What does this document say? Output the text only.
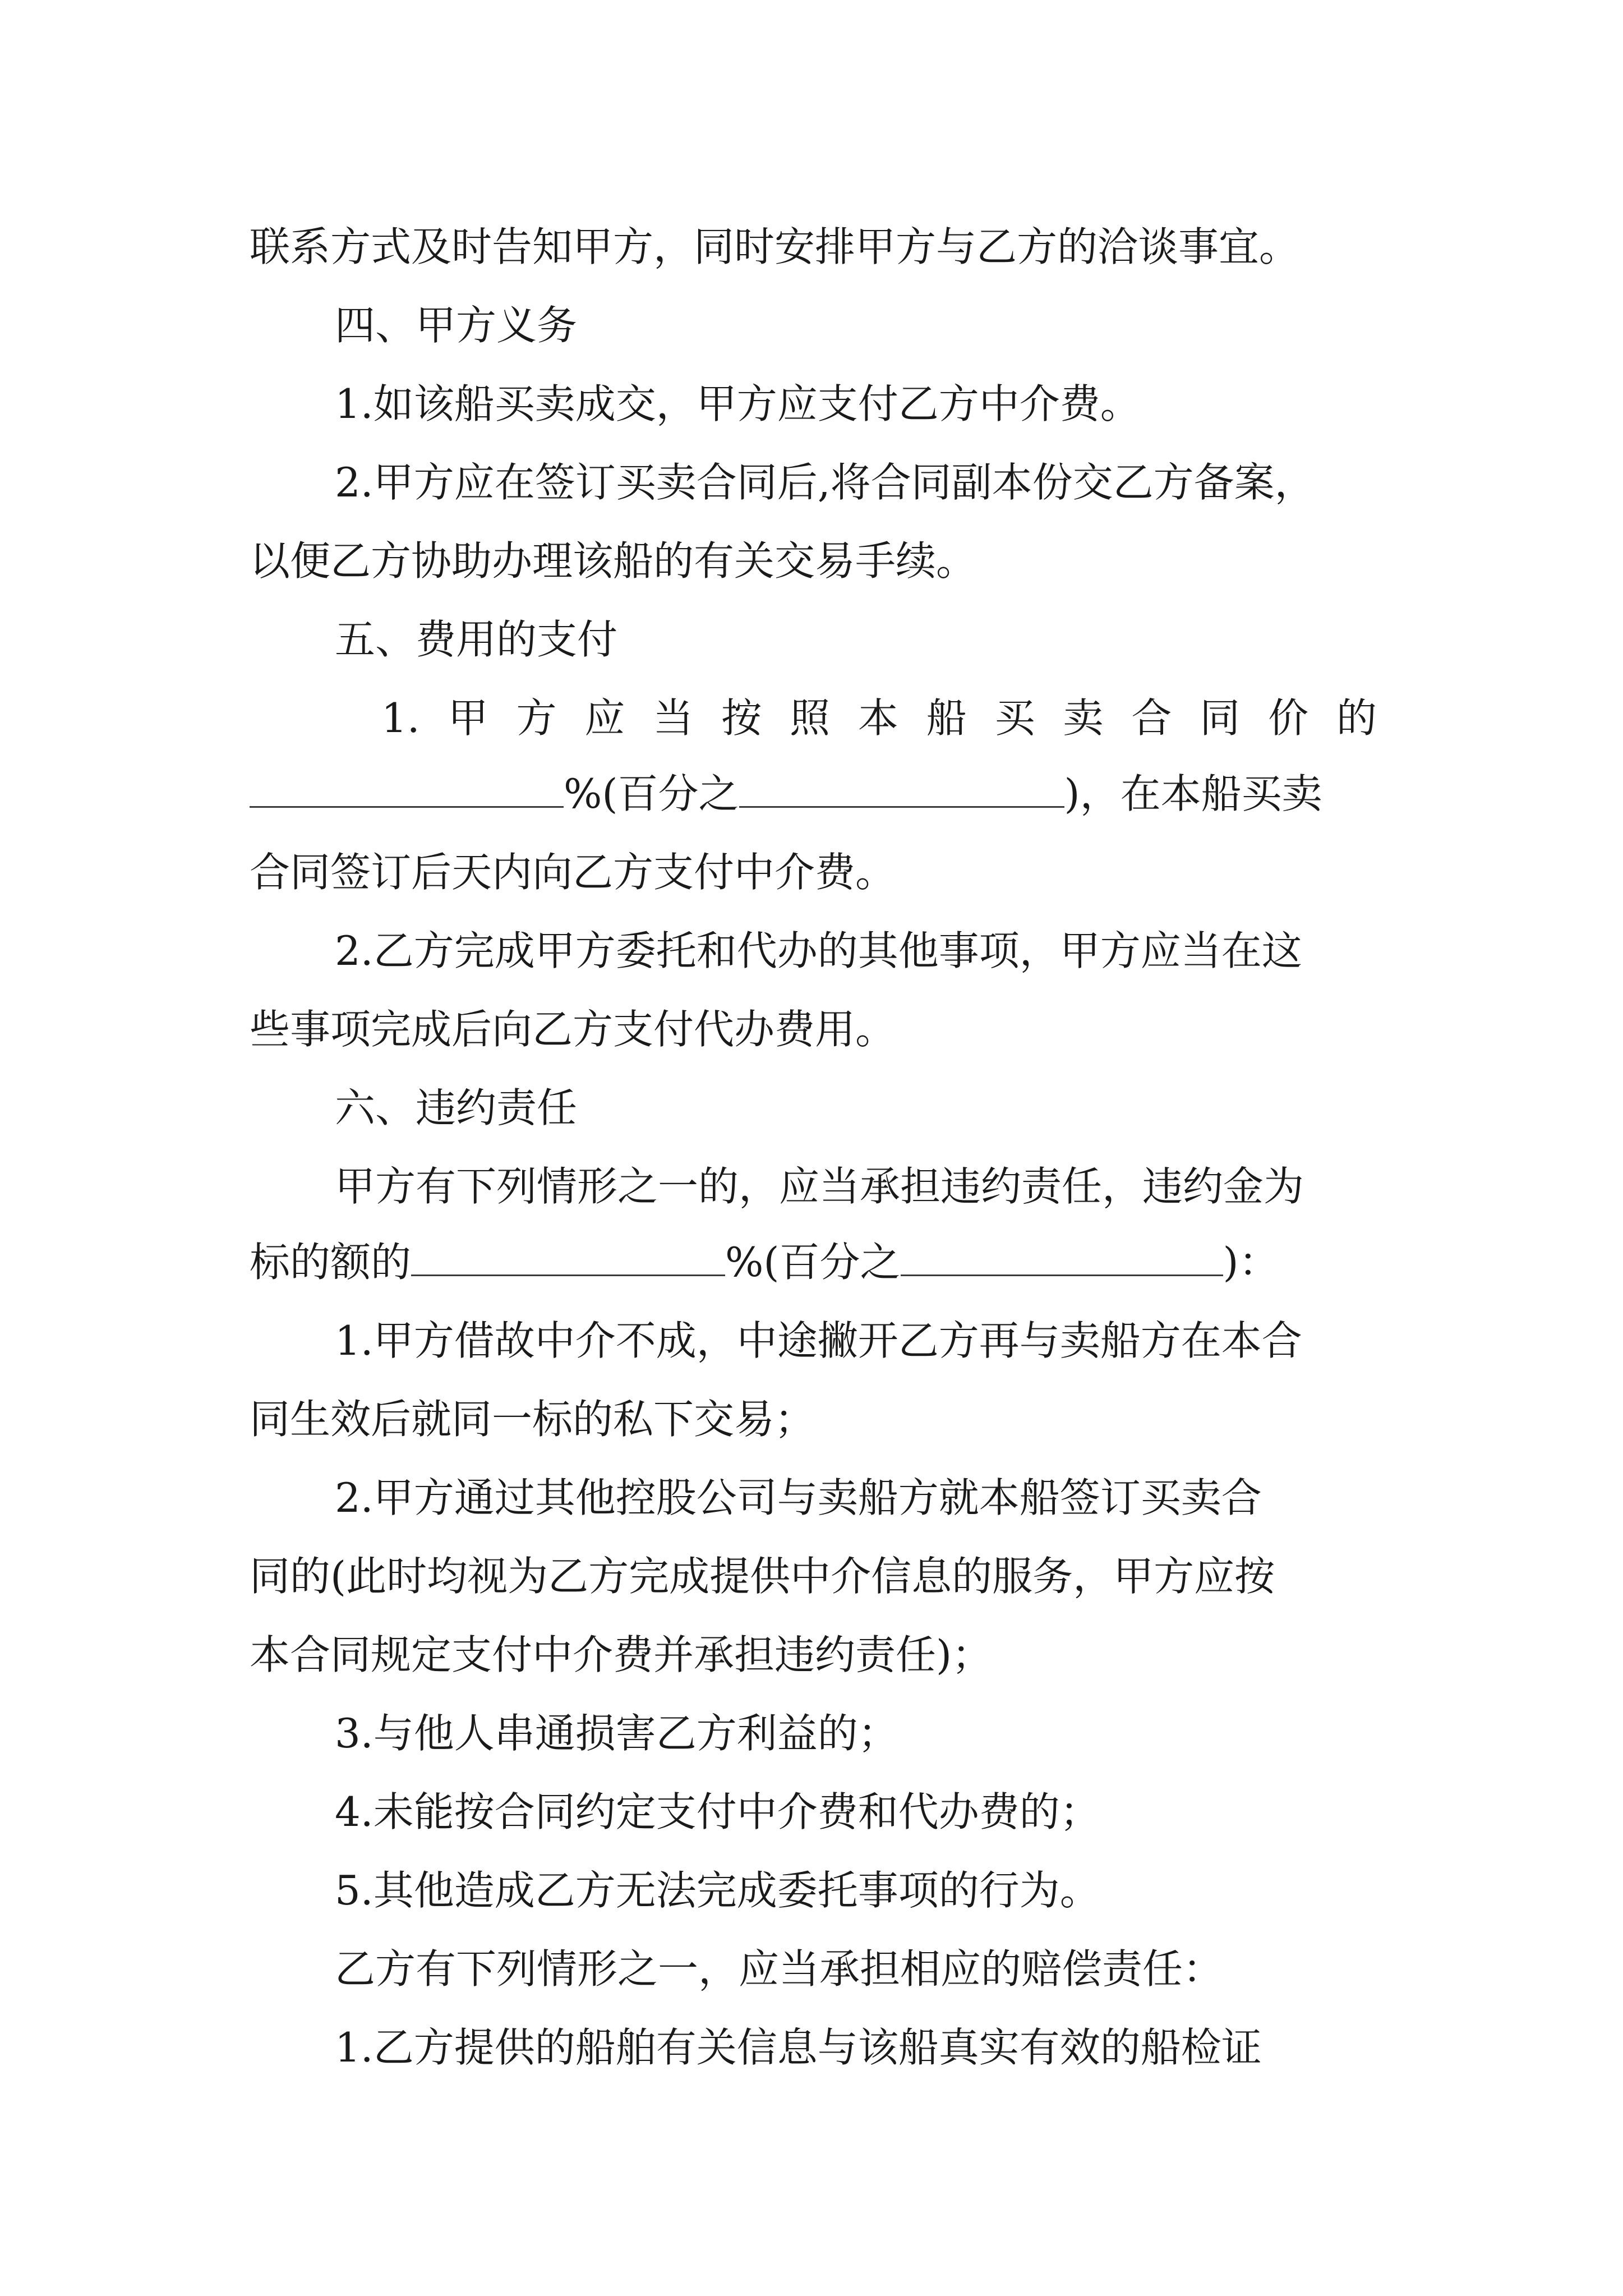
联系方式及时告知甲方，同时安排甲方与乙方的洽谈事宜。
四、甲方义务
1.如该船买卖成交，甲方应支付乙方中介费。
2.甲方应在签订买卖合同后,将合同副本份交乙方备案，
以便乙方协助办理该船的有关交易手续。
五、费用的支付
1. 甲 方 应 当 按 照 本 船 买 卖 合 同 价 的
%(百分之	)，在本船买卖
合同签订后天内向乙方支付中介费。
2.乙方完成甲方委托和代办的其他事项，甲方应当在这
些事项完成后向乙方支付代办费用。
六、违约责任
甲方有下列情形之一的，应当承担违约责任，违约金为
标的额的	%(百分之	)：
1.甲方借故中介不成，中途撇开乙方再与卖船方在本合
同生效后就同一标的私下交易；
2.甲方通过其他控股公司与卖船方就本船签订买卖合
同的(此时均视为乙方完成提供中介信息的服务，甲方应按
本合同规定支付中介费并承担违约责任)；
3.与他人串通损害乙方利益的；
4.未能按合同约定支付中介费和代办费的；
5.其他造成乙方无法完成委托事项的行为。
乙方有下列情形之一，应当承担相应的赔偿责任：
1.乙方提供的船舶有关信息与该船真实有效的船检证
